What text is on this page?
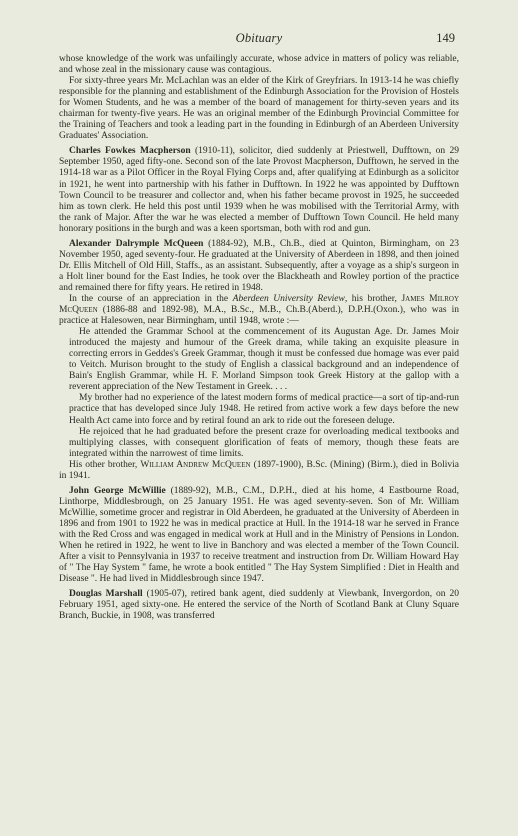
Obituary	149

whose knowledge of the work was unfailingly accurate, whose advice in matters of policy was reliable, and whose zeal in the missionary cause was contagious.

For sixty-three years Mr. McLachlan was an elder of the Kirk of Greyfriars. In 1913-14 he was chiefly responsible for the planning and establishment of the Edinburgh Association for the Provision of Hostels for Women Students, and he was a member of the board of management for thirty-seven years and its chairman for twenty-five years. He was an original member of the Edinburgh Provincial Committee for the Training of Teachers and took a leading part in the founding in Edinburgh of an Aberdeen University Graduates' Association.

Charles Fowkes Macpherson (1910-11), solicitor, died suddenly at Priestwell, Dufftown, on 29 September 1950, aged fifty-one. Second son of the late Provost Macpherson, Dufftown, he served in the 1914-18 war as a Pilot Officer in the Royal Flying Corps and, after qualifying at Edinburgh as a solicitor in 1921, he went into partnership with his father in Dufftown. In 1922 he was appointed by Dufftown Town Council to be treasurer and collector and, when his father became provost in 1925, he succeeded him as town clerk. He held this post until 1939 when he was mobilised with the Territorial Army, with the rank of Major. After the war he was elected a member of Dufftown Town Council. He held many honorary positions in the burgh and was a keen sportsman, both with rod and gun.

Alexander Dalrymple McQueen (1884-92), M.B., Ch.B., died at Quinton, Birmingham, on 23 November 1950, aged seventy-four. He graduated at the University of Aberdeen in 1898, and then joined Dr. Ellis Mitchell of Old Hill, Staffs., as an assistant. Subsequently, after a voyage as a ship's surgeon in a Holt liner bound for the East Indies, he took over the Blackheath and Rowley portion of the practice and remained there for fifty years. He retired in 1948.

In the course of an appreciation in the Aberdeen University Review, his brother, James Milroy McQueen (1886-88 and 1892-98), M.A., B.Sc., M.B., Ch.B.(Aberd.), D.P.H.(Oxon.), who was in practice at Halesowen, near Birmingham, until 1948, wrote :—

He attended the Grammar School at the commencement of its Augustan Age. Dr. James Moir introduced the majesty and humour of the Greek drama, while taking an exquisite pleasure in correcting errors in Geddes's Greek Grammar, though it must be confessed due homage was ever paid to Veitch. Murison brought to the study of English a classical background and an independence of Bain's English Grammar, while H. F. Morland Simpson took Greek History at the gallop with a reverent appreciation of the New Testament in Greek. . . .

My brother had no experience of the latest modern forms of medical practice—a sort of tip-and-run practice that has developed since July 1948. He retired from active work a few days before the new Health Act came into force and by retiral found an ark to ride out the foreseen deluge.

He rejoiced that he had graduated before the present craze for overloading medical textbooks and multiplying classes, with consequent glorification of feats of memory, though these feats are integrated within the narrowest of time limits.

His other brother, William Andrew McQueen (1897-1900), B.Sc. (Mining) (Birm.), died in Bolivia in 1941.

John George McWillie (1889-92), M.B., C.M., D.P.H., died at his home, 4 Eastbourne Road, Linthorpe, Middlesbrough, on 25 January 1951. He was aged seventy-seven. Son of Mr. William McWillie, sometime grocer and registrar in Old Aberdeen, he graduated at the University of Aberdeen in 1896 and from 1901 to 1922 he was in medical practice at Hull. In the 1914-18 war he served in France with the Red Cross and was engaged in medical work at Hull and in the Ministry of Pensions in London. When he retired in 1922, he went to live in Banchory and was elected a member of the Town Council. After a visit to Pennsylvania in 1937 to receive treatment and instruction from Dr. William Howard Hay of " The Hay System " fame, he wrote a book entitled " The Hay System Simplified : Diet in Health and Disease ". He had lived in Middlesbrough since 1947.

Douglas Marshall (1905-07), retired bank agent, died suddenly at Viewbank, Invergordon, on 20 February 1951, aged sixty-one. He entered the service of the North of Scotland Bank at Cluny Square Branch, Buckie, in 1908, was transferred
